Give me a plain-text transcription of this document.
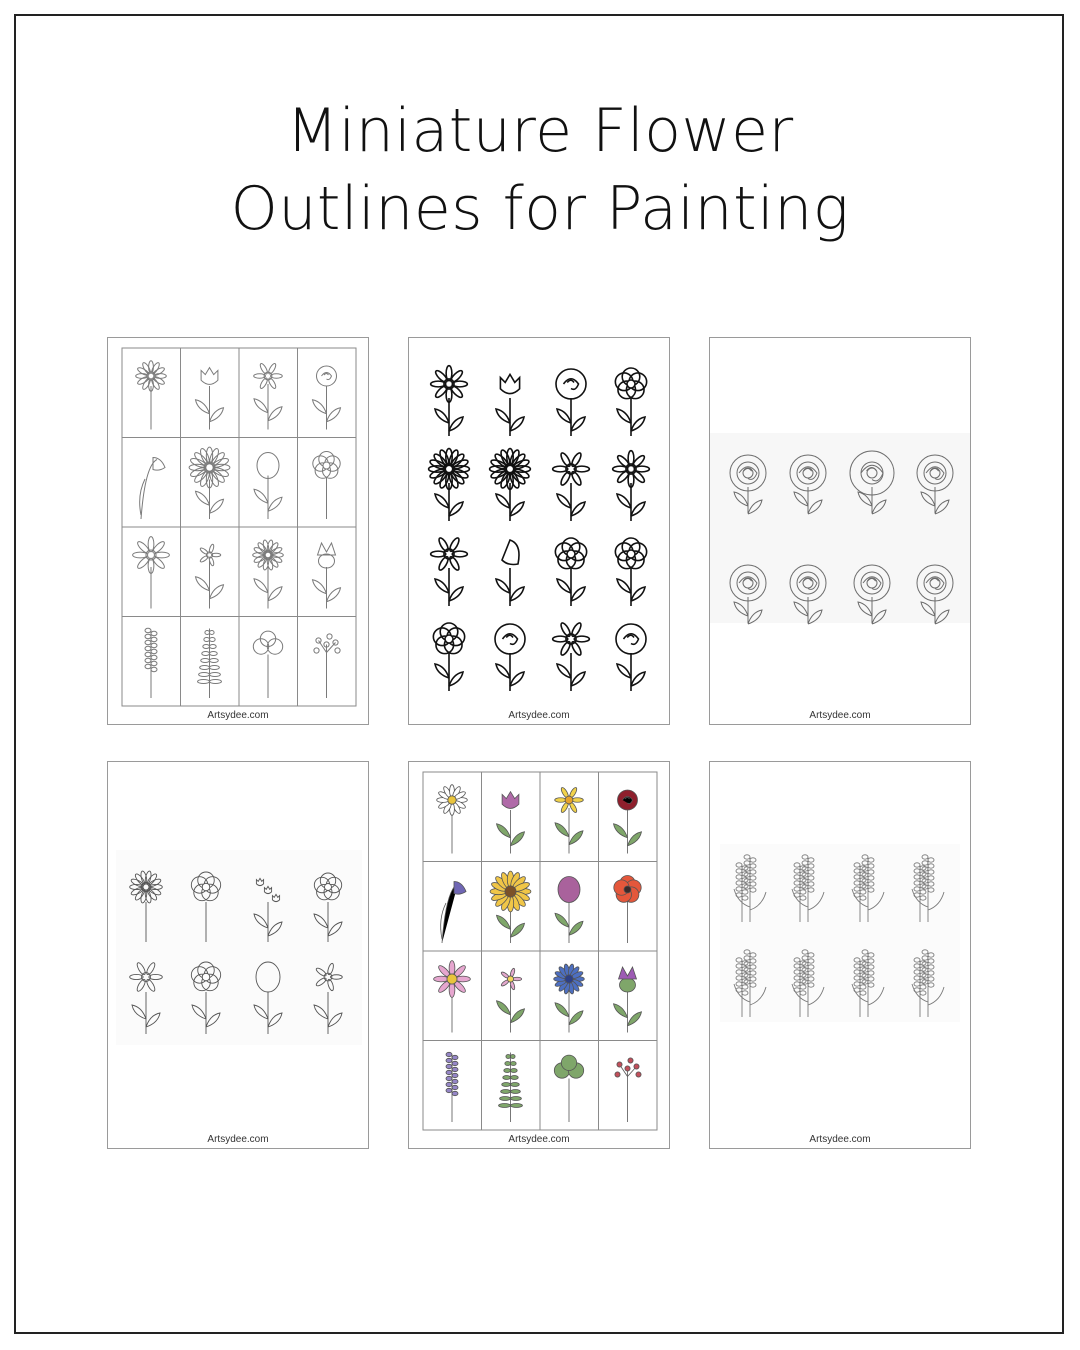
Miniature Flower
Outlines for Painting
Artsydee.com	Artsydee.com	Artsydee.com
Artsydee.com	Artsydee.com	Artsydee.com
